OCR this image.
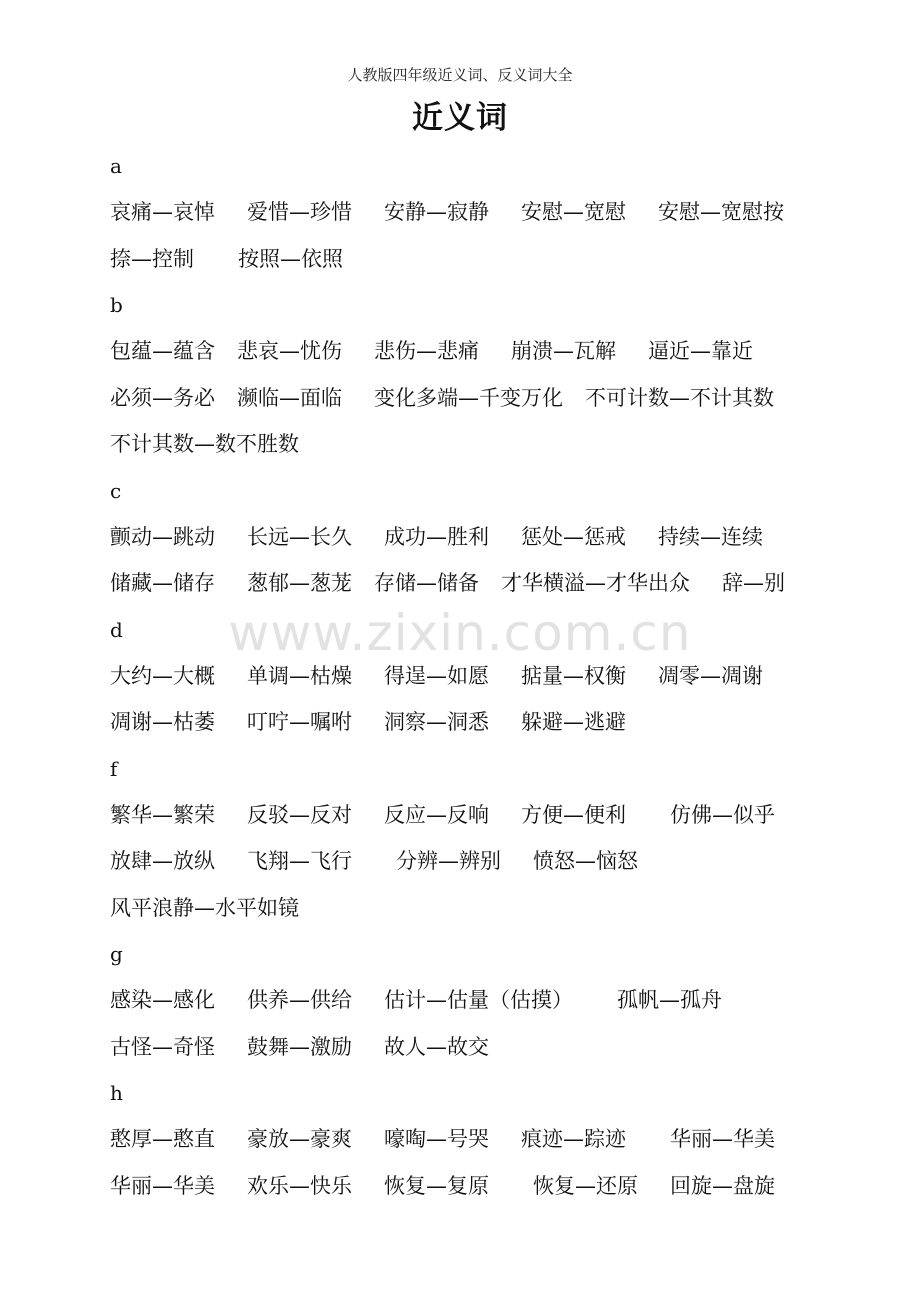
人教版四年级近义词、反义词大全
近义词
www.zixin.com.cn
a
哀痛—哀悼 爱惜—珍惜 安静—寂静 安慰—宽慰 安慰—宽慰按
捺—控制 按照—依照
b
包蕴—蕴含 悲哀—忧伤 悲伤—悲痛 崩溃—瓦解 逼近—靠近
必须—务必 濒临—面临 变化多端—千变万化 不可计数—不计其数
不计其数—数不胜数
c
颤动—跳动 长远—长久 成功—胜利 惩处—惩戒 持续—连续
储藏—储存 葱郁—葱茏 存储—储备 才华横溢—才华出众 辞—别
d
大约—大概 单调—枯燥 得逞—如愿 掂量—权衡 凋零—凋谢
凋谢—枯萎 叮咛—嘱咐 洞察—洞悉 躲避—逃避
f
繁华—繁荣 反驳—反对 反应—反响 方便—便利 仿佛—似乎
放肆—放纵 飞翔—飞行 分辨—辨别 愤怒—恼怒
风平浪静—水平如镜
g
感染—感化 供养—供给 估计—估量（估摸） 孤帆—孤舟
古怪—奇怪 鼓舞—激励 故人—故交
h
憨厚—憨直 豪放—豪爽 嚎啕—号哭 痕迹—踪迹 华丽—华美
华丽—华美 欢乐—快乐 恢复—复原 恢复—还原 回旋—盘旋
